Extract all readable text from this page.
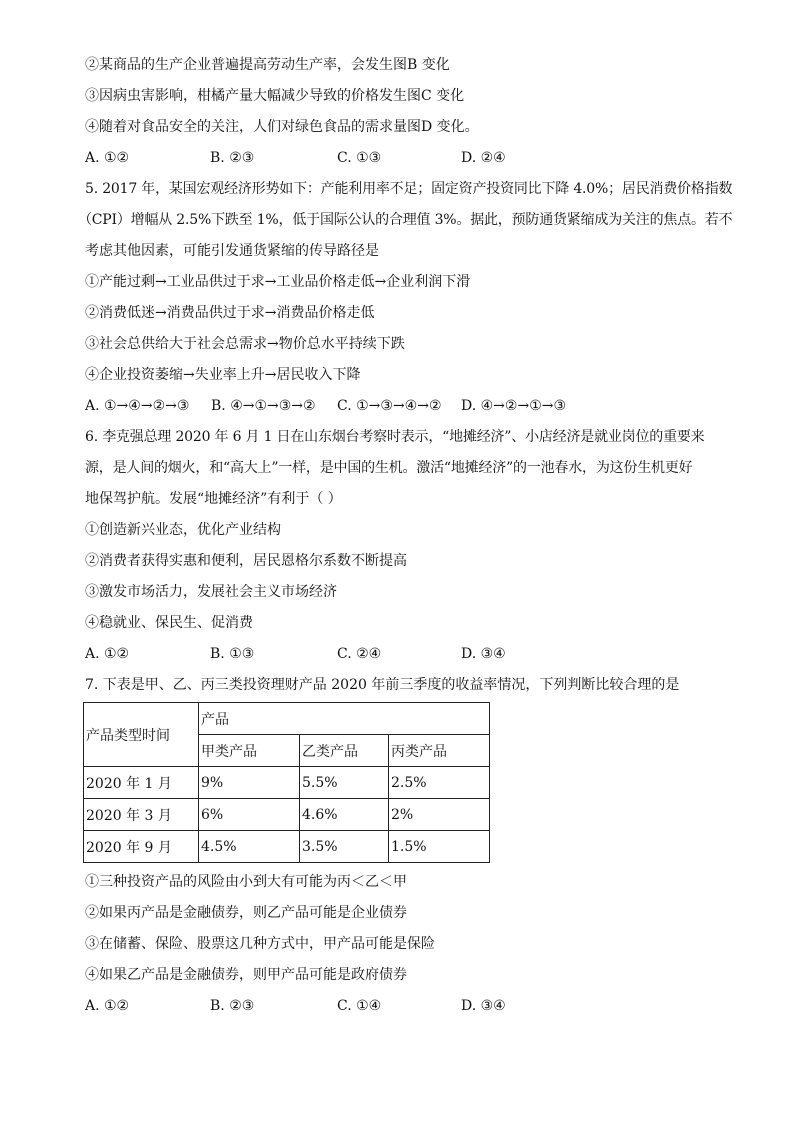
②某商品的生产企业普遍提高劳动生产率，会发生图B 变化
③因病虫害影响，柑橘产量大幅减少导致的价格发生图C 变化
④随着对食品安全的关注，人们对绿色食品的需求量图D 变化。
A. ①②	B. ②③	C. ①③	D. ②④
5. 2017 年，某国宏观经济形势如下：产能利用率不足；固定资产投资同比下降 4.0%；居民消费价格指数
（CPI）增幅从 2.5%下跌至 1%，低于国际公认的合理值 3%。据此，预防通货紧缩成为关注的焦点。若不
考虑其他因素，可能引发通货紧缩的传导路径是
①产能过剩→工业品供过于求→工业品价格走低→企业利润下滑
②消费低迷→消费品供过于求→消费品价格走低
③社会总供给大于社会总需求→物价总水平持续下跌
④企业投资萎缩→失业率上升→居民收入下降
A. ①→④→②→③ B. ④→①→③→② C. ①→③→④→② D. ④→②→①→③
6. 李克强总理 2020 年 6 月 1 日在山东烟台考察时表示，“地摊经济”、小店经济是就业岗位的重要来
源，是人间的烟火，和“高大上”一样，是中国的生机。激活“地摊经济”的一池春水，为这份生机更好
地保驾护航。发展“地摊经济”有利于（ ）
①创造新兴业态，优化产业结构
②消费者获得实惠和便利，居民恩格尔系数不断提高
③激发市场活力，发展社会主义市场经济
④稳就业、保民生、促消费
A. ①②	B. ①③	C. ②④	D. ③④
7. 下表是甲、乙、丙三类投资理财产品 2020 年前三季度的收益率情况，下列判断比较合理的是
产品类型时间	产品		
	甲类产品	乙类产品	丙类产品
2020 年 1 月	9%	5.5%	2.5%
2020 年 3 月	6%	4.6%	2%
2020 年 9 月	4.5%	3.5%	1.5%
①三种投资产品的风险由小到大有可能为丙＜乙＜甲
②如果丙产品是金融债券，则乙产品可能是企业债券
③在储蓄、保险、股票这几种方式中，甲产品可能是保险
④如果乙产品是金融债券，则甲产品可能是政府债券
A. ①②	B. ②③	C. ①④	D. ③④
